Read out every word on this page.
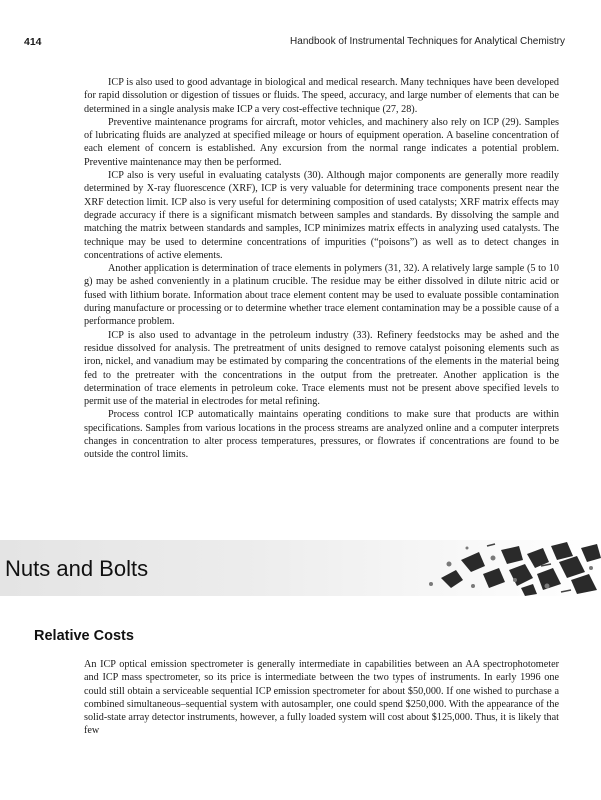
414	Handbook of Instrumental Techniques for Analytical Chemistry

ICP is also used to good advantage in biological and medical research. Many techniques have been developed for rapid dissolution or digestion of tissues or fluids. The speed, accuracy, and large number of elements that can be determined in a single analysis make ICP a very cost-effective technique (27, 28).

Preventive maintenance programs for aircraft, motor vehicles, and machinery also rely on ICP (29). Samples of lubricating fluids are analyzed at specified mileage or hours of equipment operation. A baseline concentration of each element of concern is established. Any excursion from the normal range indicates a potential problem. Preventive maintenance may then be performed.

ICP also is very useful in evaluating catalysts (30). Although major components are generally more readily determined by X-ray fluorescence (XRF), ICP is very valuable for determining trace components present near the XRF detection limit. ICP also is very useful for determining composition of used catalysts; XRF matrix effects may degrade accuracy if there is a significant mismatch between samples and standards. By dissolving the sample and matching the matrix between standards and samples, ICP minimizes matrix effects in analyzing used catalysts. The technique may be used to determine concentrations of impurities (“poisons”) as well as to detect changes in concentrations of active elements.

Another application is determination of trace elements in polymers (31, 32). A relatively large sample (5 to 10 g) may be ashed conveniently in a platinum crucible. The residue may be either dissolved in dilute nitric acid or fused with lithium borate. Information about trace element content may be used to evaluate possible contamination during manufacture or processing or to determine whether trace element contamination may be a possible cause of a performance problem.

ICP is also used to advantage in the petroleum industry (33). Refinery feedstocks may be ashed and the residue dissolved for analysis. The pretreatment of units designed to remove catalyst poisoning elements such as iron, nickel, and vanadium may be estimated by comparing the concentrations of the elements in the material being fed to the pretreater with the concentrations in the output from the pretreater. Another application is the determination of trace elements in petroleum coke. Trace elements must not be present above specified levels to permit use of the material in electrodes for metal refining.

Process control ICP automatically maintains operating conditions to make sure that products are within specifications. Samples from various locations in the process streams are analyzed online and a computer interprets changes in concentration to alter process temperatures, pressures, or flowrates if concentrations are found to be outside the control limits.

Nuts and Bolts
Relative Costs

An ICP optical emission spectrometer is generally intermediate in capabilities between an AA spectrophotometer and ICP mass spectrometer, so its price is intermediate between the two types of instruments. In early 1996 one could still obtain a serviceable sequential ICP emission spectrometer for about $50,000. If one wished to purchase a combined simultaneous–sequential system with autosampler, one could spend $250,000. With the appearance of the solid-state array detector instruments, however, a fully loaded system will cost about $125,000. Thus, it is likely that few
